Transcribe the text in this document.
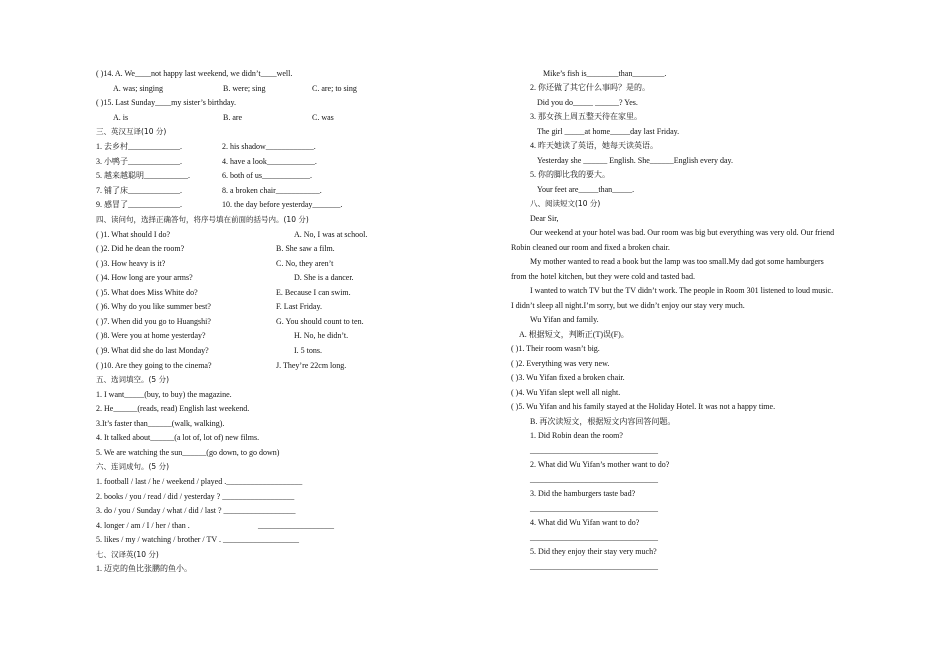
( )14. A. We____not happy last weekend, we didn’t____well.
A. was; singing	B. were; sing	C. are; to sing
( )15. Last Sunday____my sister’s birthday.
A. is	B. are	C. was
三、英汉互译(10 分)
1. 去乡村_____________.	2. his shadow____________.
3. 小鸭子_____________.	4. have a look____________.
5. 越来越聪明___________.	6. both of us____________.
7. 铺了床_____________.	8. a broken chair___________.
9. 感冒了_____________.	10. the day before yesterday_______.
四、读问句，选择正确答句，将序号填在前面的括号内。(10 分)
( )1. What should I do?	A. No, I was at school.
( )2. Did he dean the room?	B. She saw a film.
( )3. How heavy is it?	C. No, they aren’t
( )4. How long are your arms?	D. She is a dancer.
( )5. What does Miss White do?	E. Because I can swim.
( )6. Why do you like summer best?	F. Last Friday.
( )7. When did you go to Huangshi?	G. You should count to ten.
( )8. Were you at home yesterday?	H. No, he didn’t.
( )9. What did she do last Monday?	I. 5 tons.
( )10. Are they going to the cinema?	J. They’re 22cm long.
五、选词填空。(5 分)
1. I want_____(buy, to buy) the magazine.
2. He______(reads, read) English last weekend.
3.It’s faster than______(walk, walking).
4. It talked about______(a lot of, lot of) new films.
5. We are watching the sun______(go down, to go down)
六、连词成句。(5 分)
1. football / last / he / weekend / played .___________________
2. books / you / read / did / yesterday ? __________________
3. do / you / Sunday / what / did / last ? __________________
4. longer / am / I / her / than .	___________________
5. likes / my / watching / brother / TV . ___________________
七、汉译英(10 分)
1. 迈克的鱼比张鹏的鱼小。
Mike’s fish is________than________.
2. 你还做了其它什么事吗？是的。
Did you do_____ ______? Yes.
3. 那女孩上周五整天待在家里。
The girl _____at home_____day last Friday.
4. 昨天她读了英语，她每天读英语。
Yesterday she ______ English. She______English every day.
5. 你的脚比我的要大。
Your feet are_____than_____.
八、阅读短文(10 分)
Dear Sir,
Our weekend at your hotel was bad. Our room was big but everything was very old. Our friend
Robin cleaned our room and fixed a broken chair.
My mother wanted to read a book but the lamp was too small.My dad got some hamburgers
from the hotel kitchen, but they were cold and tasted bad.
I wanted to watch TV but the TV didn’t work. The people in Room 301 listened to loud music.
I didn’t sleep all night.I’m sorry, but we didn’t enjoy our stay very much.
Wu Yifan and family.
A. 根据短文，判断正(T)误(F)。
( )1. Their room wasn’t big.
( )2. Everything was very new.
( )3. Wu Yifan fixed a broken chair.
( )4. Wu Yifan slept well all night.
( )5. Wu Yifan and his family stayed at the Holiday Hotel. It was not a happy time.
B. 再次读短文，根据短文内容回答问题。
1. Did Robin dean the room?
________________________________
2. What did Wu Yifan’s mother want to do?
________________________________
3. Did the hamburgers taste bad?
________________________________
4. What did Wu Yifan want to do?
________________________________
5. Did they enjoy their stay very much?
________________________________
